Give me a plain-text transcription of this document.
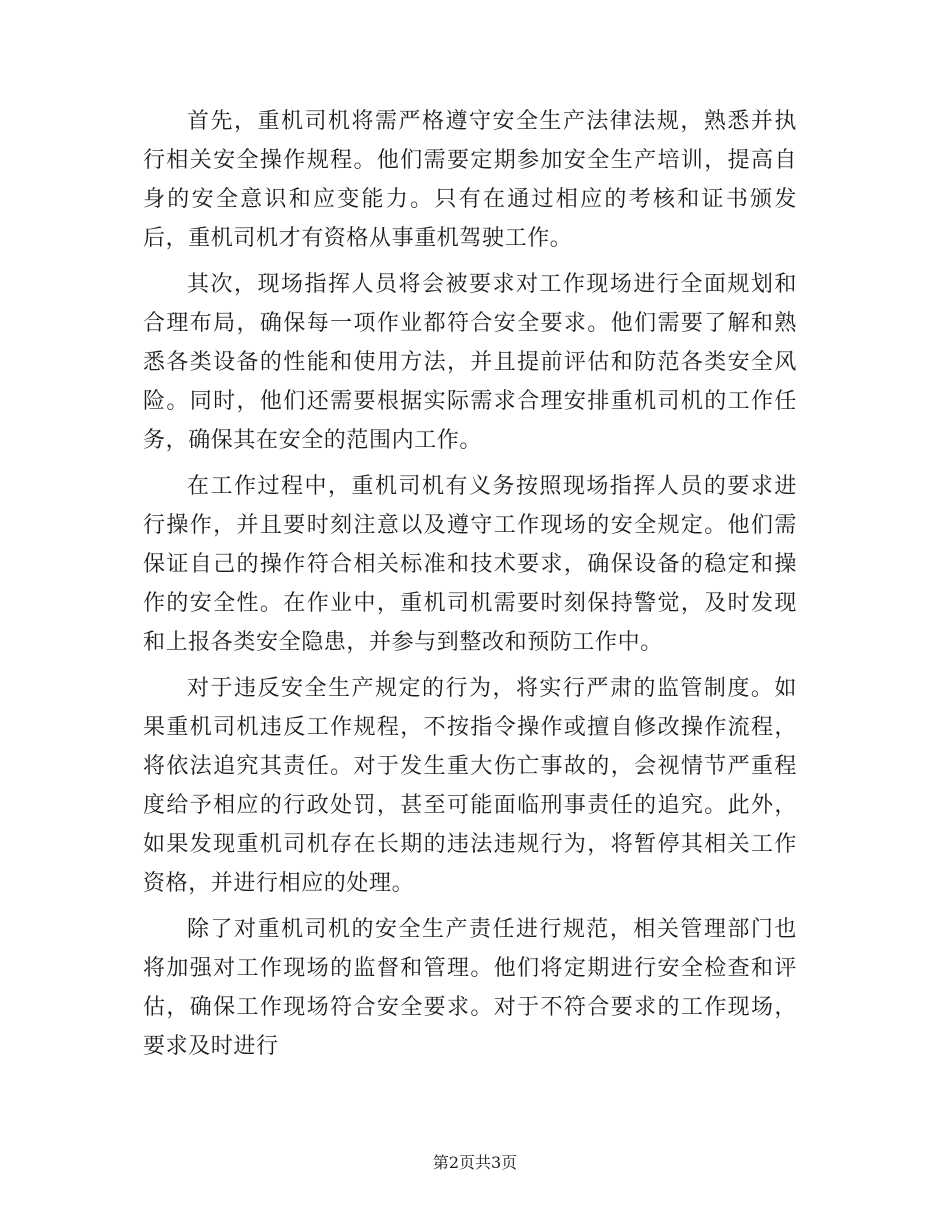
首先，重机司机将需严格遵守安全生产法律法规，熟悉并执行相关安全操作规程。他们需要定期参加安全生产培训，提高自身的安全意识和应变能力。只有在通过相应的考核和证书颁发后，重机司机才有资格从事重机驾驶工作。

其次，现场指挥人员将会被要求对工作现场进行全面规划和合理布局，确保每一项作业都符合安全要求。他们需要了解和熟悉各类设备的性能和使用方法，并且提前评估和防范各类安全风险。同时，他们还需要根据实际需求合理安排重机司机的工作任务，确保其在安全的范围内工作。

在工作过程中，重机司机有义务按照现场指挥人员的要求进行操作，并且要时刻注意以及遵守工作现场的安全规定。他们需保证自己的操作符合相关标准和技术要求，确保设备的稳定和操作的安全性。在作业中，重机司机需要时刻保持警觉，及时发现和上报各类安全隐患，并参与到整改和预防工作中。

对于违反安全生产规定的行为，将实行严肃的监管制度。如果重机司机违反工作规程，不按指令操作或擅自修改操作流程，将依法追究其责任。对于发生重大伤亡事故的，会视情节严重程度给予相应的行政处罚，甚至可能面临刑事责任的追究。此外，如果发现重机司机存在长期的违法违规行为，将暂停其相关工作资格，并进行相应的处理。

除了对重机司机的安全生产责任进行规范，相关管理部门也将加强对工作现场的监督和管理。他们将定期进行安全检查和评估，确保工作现场符合安全要求。对于不符合要求的工作现场，要求及时进行

第2页共3页
